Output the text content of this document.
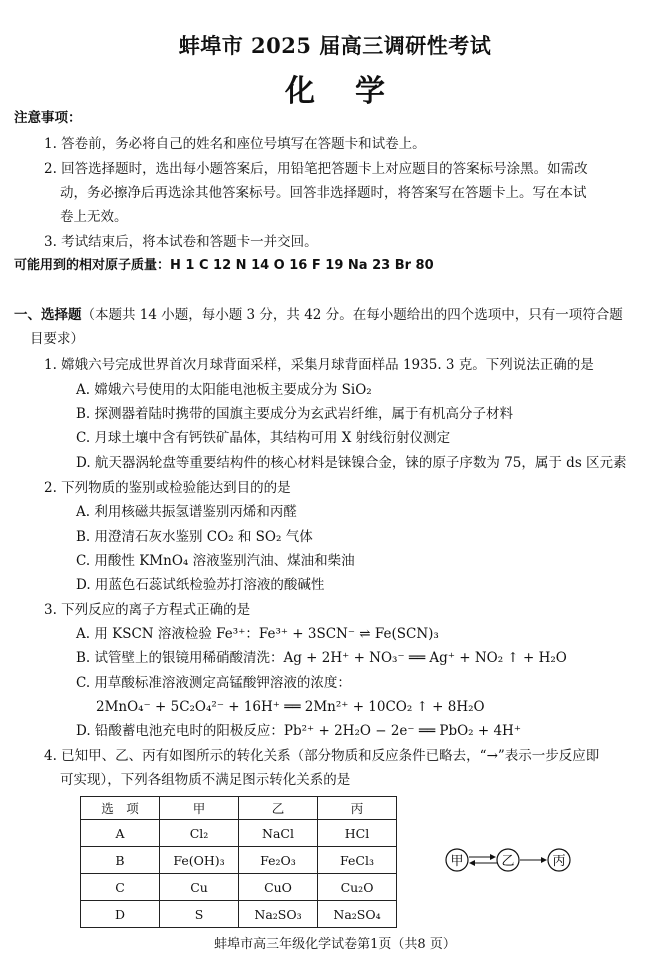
蚌埠市 2025 届高三调研性考试
化学
注意事项：
1. 答卷前，务必将自己的姓名和座位号填写在答题卡和试卷上。
2. 回答选择题时，选出每小题答案后，用铅笔把答题卡上对应题目的答案标号涂黑。如需改
动，务必擦净后再选涂其他答案标号。回答非选择题时，将答案写在答题卡上。写在本试
卷上无效。
3. 考试结束后，将本试卷和答题卡一并交回。
可能用到的相对原子质量：H 1 C 12 N 14 O 16 F 19 Na 23 Br 80
一、选择题（本题共 14 小题，每小题 3 分，共 42 分。在每小题给出的四个选项中，只有一项符合题
目要求）
1. 嫦娥六号完成世界首次月球背面采样，采集月球背面样品 1935. 3 克。下列说法正确的是
A. 嫦娥六号使用的太阳能电池板主要成分为 SiO₂
B. 探测器着陆时携带的国旗主要成分为玄武岩纤维，属于有机高分子材料
C. 月球土壤中含有钙铁矿晶体，其结构可用 X 射线衍射仪测定
D. 航天器涡轮盘等重要结构件的核心材料是铼镍合金，铼的原子序数为 75，属于 ds 区元素
2. 下列物质的鉴别或检验能达到目的的是
A. 利用核磁共振氢谱鉴别丙烯和丙醛
B. 用澄清石灰水鉴别 CO₂ 和 SO₂ 气体
C. 用酸性 KMnO₄ 溶液鉴别汽油、煤油和柴油
D. 用蓝色石蕊试纸检验苏打溶液的酸碱性
3. 下列反应的离子方程式正确的是
A. 用 KSCN 溶液检验 Fe³⁺：Fe³⁺ + 3SCN⁻ ⇌ Fe(SCN)₃
B. 试管壁上的银镜用稀硝酸清洗：Ag + 2H⁺ + NO₃⁻ ══ Ag⁺ + NO₂ ↑ + H₂O
C. 用草酸标准溶液测定高锰酸钾溶液的浓度：
2MnO₄⁻ + 5C₂O₄²⁻ + 16H⁺ ══ 2Mn²⁺ + 10CO₂ ↑ + 8H₂O
D. 铅酸蓄电池充电时的阳极反应：Pb²⁺ + 2H₂O − 2e⁻ ══ PbO₂ + 4H⁺
4. 已知甲、乙、丙有如图所示的转化关系（部分物质和反应条件已略去，“→”表示一步反应即
可实现），下列各组物质不满足图示转化关系的是
选　项	甲	乙	丙
A	Cl₂	NaCl	HCl
B	Fe(OH)₃	Fe₂O₃	FeCl₃
C	Cu	CuO	Cu₂O
D	S	Na₂SO₃	Na₂SO₄
甲	乙	丙
蚌埠市高三年级化学试卷第1页（共8 页）
